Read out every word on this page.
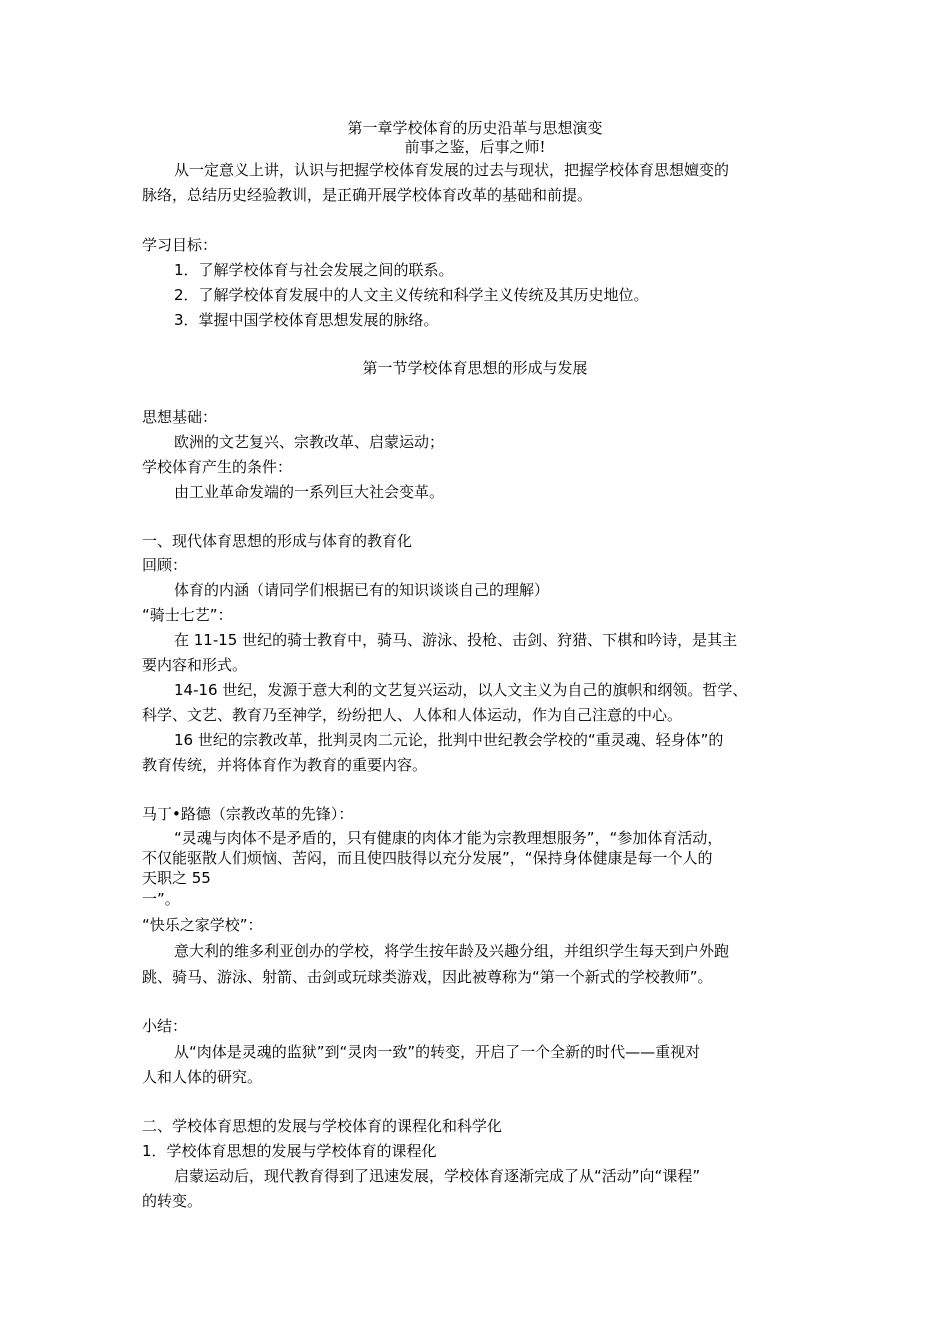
第一章学校体育的历史沿革与思想演变
前事之鉴，后事之师!
从一定意义上讲，认识与把握学校体育发展的过去与现状，把握学校体育思想嬗变的
脉络，总结历史经验教训，是正确开展学校体育改革的基础和前提。
学习目标：
1．了解学校体育与社会发展之间的联系。
2．了解学校体育发展中的人文主义传统和科学主义传统及其历史地位。
3．掌握中国学校体育思想发展的脉络。
第一节学校体育思想的形成与发展
思想基础：
欧洲的文艺复兴、宗教改革、启蒙运动；
学校体育产生的条件：
由工业革命发端的一系列巨大社会变革。
一、现代体育思想的形成与体育的教育化
回顾：
体育的内涵（请同学们根据已有的知识谈谈自己的理解）
“骑士七艺”：
在 11-15 世纪的骑士教育中，骑马、游泳、投枪、击剑、狩猎、下棋和吟诗，是其主
要内容和形式。
14-16 世纪，发源于意大利的文艺复兴运动，以人文主义为自己的旗帜和纲领。哲学、
科学、文艺、教育乃至神学，纷纷把人、人体和人体运动，作为自己注意的中心。
16 世纪的宗教改革，批判灵肉二元论，批判中世纪教会学校的“重灵魂、轻身体”的
教育传统，并将体育作为教育的重要内容。
马丁•路德（宗教改革的先锋）：
“灵魂与肉体不是矛盾的，只有健康的肉体才能为宗教理想服务”，“参加体育活动，
不仅能驱散人们烦恼、苦闷，而且使四肢得以充分发展”，“保持身体健康是每一个人的
天职之 55
一”。
“快乐之家学校”：
意大利的维多利亚创办的学校，将学生按年龄及兴趣分组，并组织学生每天到户外跑
跳、骑马、游泳、射箭、击剑或玩球类游戏，因此被尊称为“第一个新式的学校教师”。
小结：
从“肉体是灵魂的监狱”到“灵肉一致”的转变，开启了一个全新的时代——重视对
人和人体的研究。
二、学校体育思想的发展与学校体育的课程化和科学化
1．学校体育思想的发展与学校体育的课程化
启蒙运动后，现代教育得到了迅速发展，学校体育逐渐完成了从“活动”向“课程”
的转变。
